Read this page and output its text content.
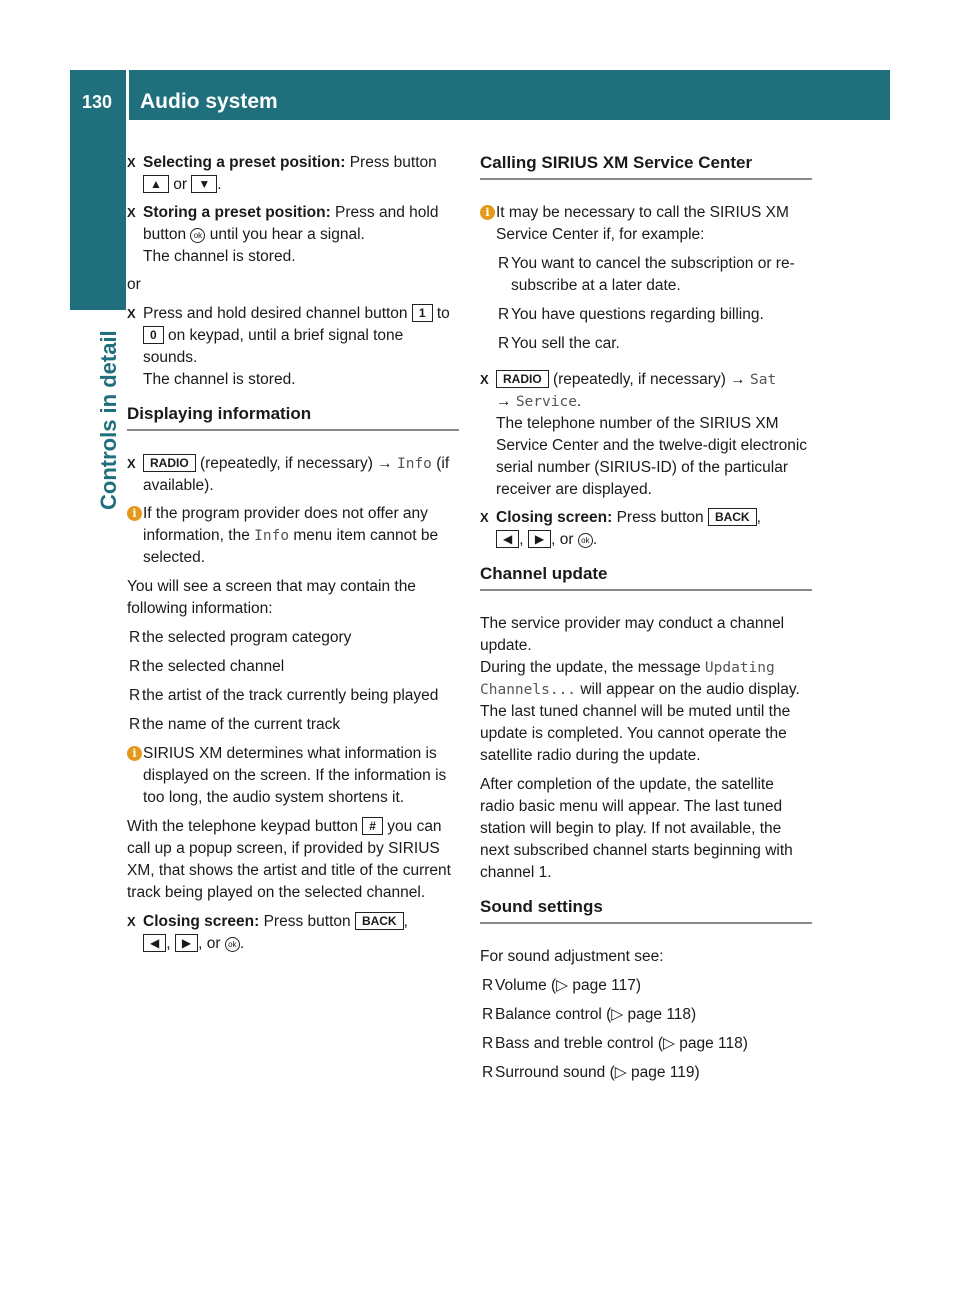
130 Audio system
Controls in detail
X Selecting a preset position: Press button
▲ or ▼ .
X Storing a preset position: Press and hold button ok until you hear a signal.
The channel is stored.

or

X Press and hold desired channel button 1 to 0 on keypad, until a brief signal tone sounds.
The channel is stored.
Displaying information
X RADIO (repeatedly, if necessary) → Info (if available).
i If the program provider does not offer any information, the Info menu item cannot be selected.

You will see a screen that may contain the following information:

R the selected program category
R the selected channel
R the artist of the track currently being played
R the name of the current track
i SIRIUS XM determines what information is displayed on the screen. If the information is too long, the audio system shortens it.

With the telephone keypad button # you can call up a popup screen, if provided by SIRIUS XM, that shows the artist and title of the current track being played on the selected channel.

X Closing screen: Press button BACK ,
◀ , ▶ , or ok .
Calling SIRIUS XM Service Center
i It may be necessary to call the SIRIUS XM Service Center if, for example:
R You want to cancel the subscription or re-subscribe at a later date.
R You have questions regarding billing.
R You sell the car.
X RADIO (repeatedly, if necessary) → Sat
→ Service.
The telephone number of the SIRIUS XM Service Center and the twelve-digit electronic serial number (SIRIUS-ID) of the particular receiver are displayed.
X Closing screen: Press button BACK ,
◀ , ▶ , or ok .
Channel update

The service provider may conduct a channel update.

During the update, the message Updating Channels... will appear on the audio display.

The last tuned channel will be muted until the update is completed. You cannot operate the satellite radio during the update.

After completion of the update, the satellite radio basic menu will appear. The last tuned station will begin to play. If not available, the next subscribed channel starts beginning with channel 1.

Sound settings

For sound adjustment see:

R Volume (▷ page 117)
R Balance control (▷ page 118)
R Bass and treble control (▷ page 118)
R Surround sound (▷ page 119)
